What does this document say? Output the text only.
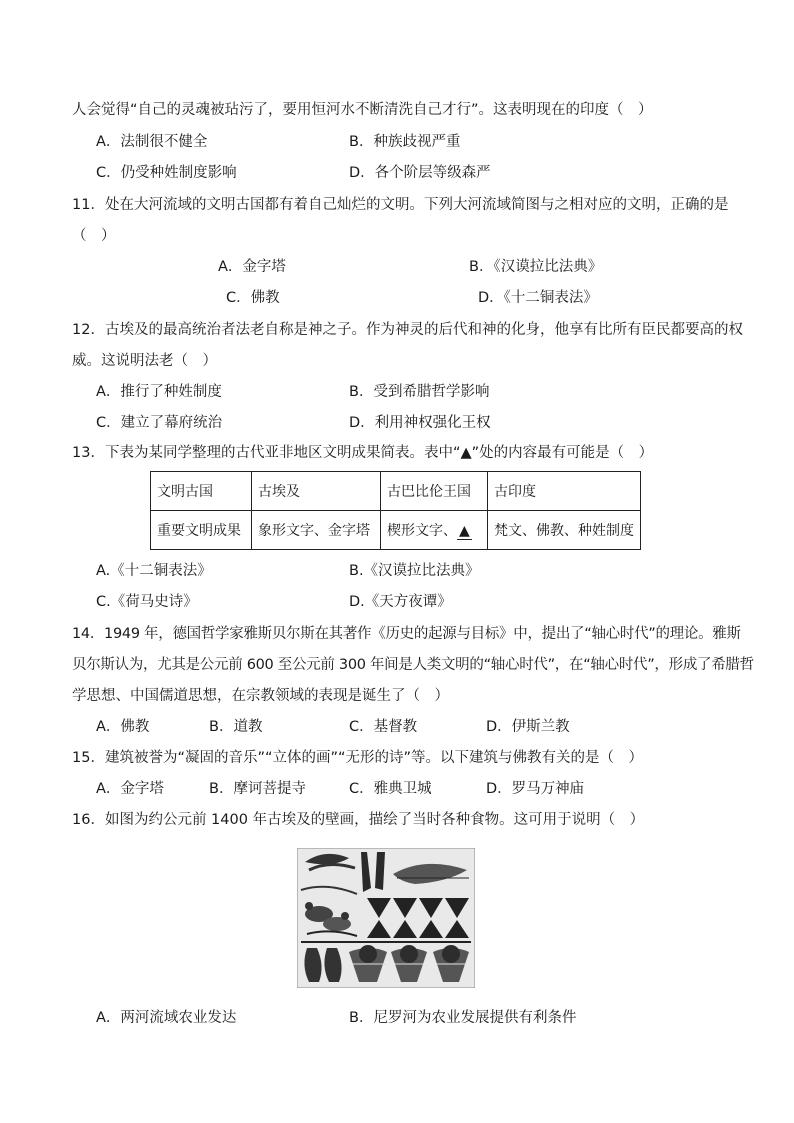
人会觉得“自己的灵魂被玷污了，要用恒河水不断清洗自己才行”。这表明现在的印度（　）
A．法制很不健全	B．种族歧视严重
C．仍受种姓制度影响	D．各个阶层等级森严
11．处在大河流域的文明古国都有着自己灿烂的文明。下列大河流域简图与之相对应的文明，正确的是
（　）
A．金字塔	B．《汉谟拉比法典》
C．佛教	D．《十二铜表法》
12．古埃及的最高统治者法老自称是神之子。作为神灵的后代和神的化身，他享有比所有臣民都要高的权
威。这说明法老（　）
A．推行了种姓制度	B．受到希腊哲学影响
C．建立了幕府统治	D．利用神权强化王权
13．下表为某同学整理的古代亚非地区文明成果简表。表中“▲”处的内容最有可能是（　）
文明古国	古埃及	古巴比伦王国	古印度
重要文明成果	象形文字、金字塔	楔形文字、 ▲	梵文、佛教、种姓制度
A.《十二铜表法》	B.《汉谟拉比法典》
C.《荷马史诗》	D.《天方夜谭》
14．1949 年，德国哲学家雅斯贝尔斯在其著作《历史的起源与目标》中，提出了“轴心时代”的理论。雅斯
贝尔斯认为，尤其是公元前 600 至公元前 300 年间是人类文明的“轴心时代”，在“轴心时代”，形成了希腊哲
学思想、中国儒道思想，在宗教领域的表现是诞生了（　）
A．佛教	B．道教	C．基督教	D．伊斯兰教
15．建筑被誉为“凝固的音乐”“立体的画”“无形的诗”等。以下建筑与佛教有关的是（　）
A．金字塔	B．摩诃菩提寺	C．雅典卫城	D．罗马万神庙
16．如图为约公元前 1400 年古埃及的壁画，描绘了当时各种食物。这可用于说明（　）
A．两河流域农业发达	B．尼罗河为农业发展提供有利条件
